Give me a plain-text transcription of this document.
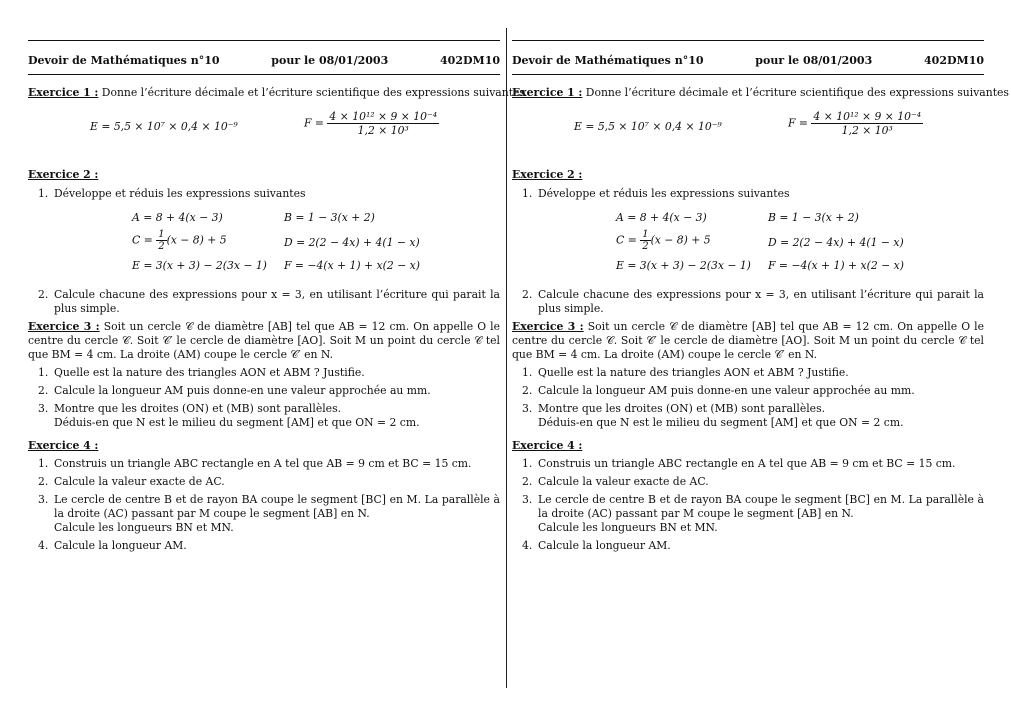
Devoir de Mathématiques n°10	pour le 08/01/2003	402DM10
Exercice 1 : Donne l’écriture décimale et l’écriture scientifique des expressions suivantes
E = 5,5 × 10⁷ × 0,4 × 10⁻⁹	$F = \frac{\text{4 × 10¹² × 9 × 10⁻⁴}}{\text{1,2 × 10³}}$
Exercice 2 :
1. Développe et réduis les expressions suivantes
A = 8 + 4(x − 3)	B = 1 − 3(x + 2)
$C = \frac{1}{2} (x - 8) + 5$	D = 2(2 − 4x) + 4(1 − x)
E = 3(x + 3) − 2(3x − 1) F = −4(x + 1) + x(2 − x)
2. Calcule chacune des expressions pour x = 3, en utilisant l’écriture qui parait la plus simple.
Exercice 3 : Soit un cercle 𝒞 de diamètre [AB] tel que AB = 12 cm. On appelle O le centre du cercle 𝒞. Soit 𝒞′ le cercle de diamètre [AO]. Soit M un point du cercle 𝒞 tel que BM = 4 cm. La droite (AM) coupe le cercle 𝒞′ en N.
1. Quelle est la nature des triangles AON et ABM ? Justifie.
2. Calcule la longueur AM puis donne-en une valeur approchée au mm.
3. Montre que les droites (ON) et (MB) sont parallèles.
Déduis-en que N est le milieu du segment [AM] et que ON = 2 cm.
Exercice 4 :
1. Construis un triangle ABC rectangle en A tel que AB = 9 cm et BC = 15 cm.
2. Calcule la valeur exacte de AC.
3. Le cercle de centre B et de rayon BA coupe le segment [BC] en M. La parallèle à la droite (AC) passant par M coupe le segment [AB] en N.
Calcule les longueurs BN et MN.
4. Calcule la longueur AM.
Devoir de Mathématiques n°10	pour le 08/01/2003	402DM10
Exercice 1 : Donne l’écriture décimale et l’écriture scientifique des expressions suivantes
E = 5,5 × 10⁷ × 0,4 × 10⁻⁹	$F = \frac{\text{4 × 10¹² × 9 × 10⁻⁴}}{\text{1,2 × 10³}}$
Exercice 2 :
1. Développe et réduis les expressions suivantes
A = 8 + 4(x − 3)	B = 1 − 3(x + 2)
$C = \frac{1}{2} (x - 8) + 5$	D = 2(2 − 4x) + 4(1 − x)
E = 3(x + 3) − 2(3x − 1) F = −4(x + 1) + x(2 − x)
2. Calcule chacune des expressions pour x = 3, en utilisant l’écriture qui parait la plus simple.
Exercice 3 : Soit un cercle 𝒞 de diamètre [AB] tel que AB = 12 cm. On appelle O le centre du cercle 𝒞. Soit 𝒞′ le cercle de diamètre [AO]. Soit M un point du cercle 𝒞 tel que BM = 4 cm. La droite (AM) coupe le cercle 𝒞′ en N.
1. Quelle est la nature des triangles AON et ABM ? Justifie.
2. Calcule la longueur AM puis donne-en une valeur approchée au mm.
3. Montre que les droites (ON) et (MB) sont parallèles.
Déduis-en que N est le milieu du segment [AM] et que ON = 2 cm.
Exercice 4 :
1. Construis un triangle ABC rectangle en A tel que AB = 9 cm et BC = 15 cm.
2. Calcule la valeur exacte de AC.
3. Le cercle de centre B et de rayon BA coupe le segment [BC] en M. La parallèle à la droite (AC) passant par M coupe le segment [AB] en N.
Calcule les longueurs BN et MN.
4. Calcule la longueur AM.
